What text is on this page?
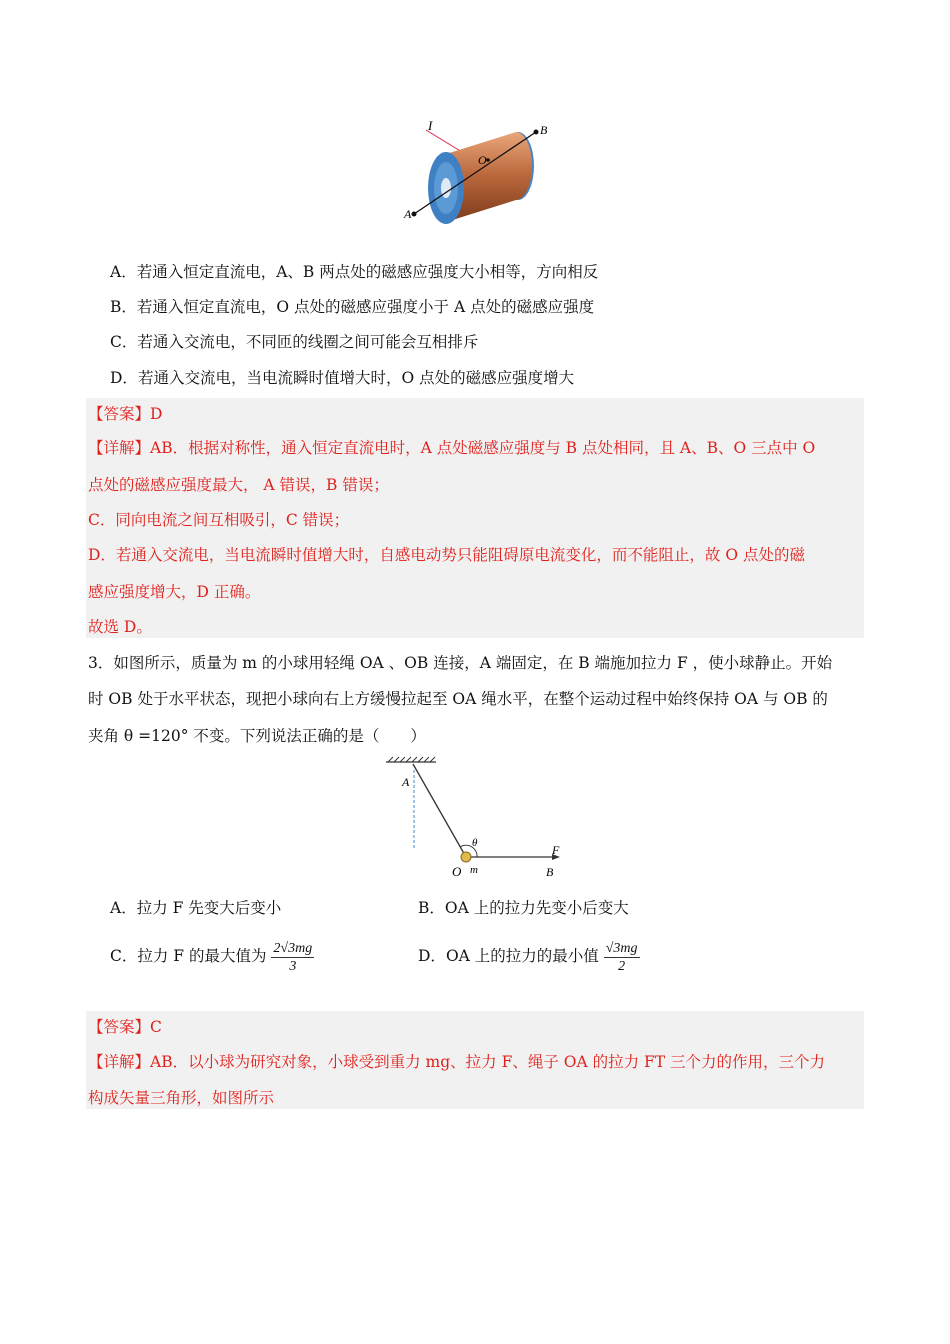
I	B
O
A
A．若通入恒定直流电，A、B 两点处的磁感应强度大小相等，方向相反
B．若通入恒定直流电，O 点处的磁感应强度小于 A 点处的磁感应强度
C．若通入交流电，不同匝的线圈之间可能会互相排斥
D．若通入交流电，当电流瞬时值增大时，O 点处的磁感应强度增大
【答案】D
【详解】AB．根据对称性，通入恒定直流电时，A 点处磁感应强度与 B 点处相同，且 A、B、O 三点中 O
点处的磁感应强度最大， A 错误，B 错误；
C．同向电流之间互相吸引，C 错误；
D．若通入交流电，当电流瞬时值增大时，自感电动势只能阻碍原电流变化，而不能阻止，故 O 点处的磁
感应强度增大，D 正确。
故选 D。
3．如图所示，质量为 m 的小球用轻绳 OA 、OB 连接，A 端固定，在 B 端施加拉力 F ，使小球静止。开始
时 OB 处于水平状态，现把小球向右上方缓慢拉起至 OA 绳水平，在整个运动过程中始终保持 OA 与 OB 的
夹角 θ =120° 不变。下列说法正确的是（　　）
A
θ	F
O m	B
A．拉力 F 先变大后变小	B．OA 上的拉力先变小后变大
C．拉力 F 的最大值为 $\frac{2√3mg}{3}$	D．OA 上的拉力的最小值 $\frac{√3mg}{2}$
【答案】C
【详解】AB．以小球为研究对象，小球受到重力 mg、拉力 F、绳子 OA 的拉力 FT 三个力的作用，三个力
构成矢量三角形，如图所示
